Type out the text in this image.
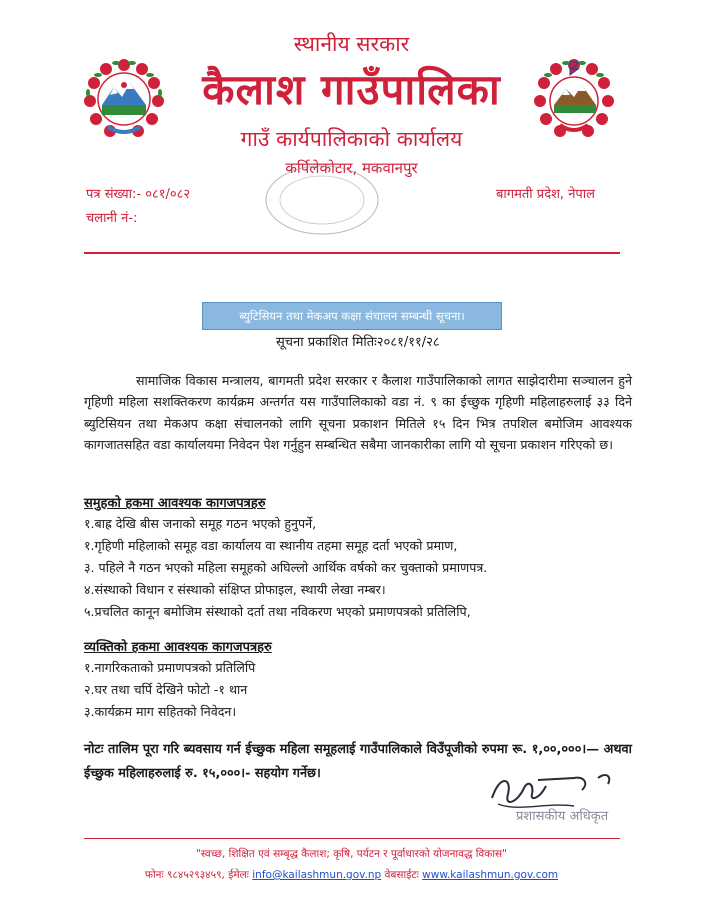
स्थानीय सरकार
कैलाश गाउँपालिका
गाउँ कार्यपालिकाको कार्यालय
कर्पिलेकोटार, मकवानपुर
पत्र संख्या:- ०८१/०८२
चलानी नं-:
बागमती प्रदेश, नेपाल
ब्युटिसियन तथा मेकअप कक्षा संचालन सम्बन्धी सूचना।
सूचना प्रकाशित मितिः२०८१/११/२८
सामाजिक विकास मन्त्रालय, बागमती प्रदेश सरकार र कैलाश गाउँपालिकाको लागत साझेदारीमा सञ्चालन हुने गृहिणी महिला सशक्तिकरण कार्यक्रम अन्तर्गत यस गाउँपालिकाको वडा नं. ९ का ईच्छुक गृहिणी महिलाहरुलाई ३३ दिने ब्युटिसियन तथा मेकअप कक्षा संचालनको लागि सूचना प्रकाशन मितिले १५ दिन भित्र तपशिल बमोजिम आवश्यक कागजातसहित वडा कार्यालयमा निवेदन पेश गर्नुहुन सम्बन्धित सबैमा जानकारीका लागि यो सूचना प्रकाशन गरिएको छ।
समुहको हकमा आवश्यक कागजपत्रहरु
१.बाह्र देखि बीस जनाको समूह गठन भएको हुनुपर्ने,
१.गृहिणी महिलाको समूह वडा कार्यालय वा स्थानीय तहमा समूह दर्ता भएको प्रमाण,
३. पहिले नै गठन भएको महिला समूहको अघिल्लो आर्थिक वर्षको कर चुक्ताको प्रमाणपत्र.
४.संस्थाको विधान र संस्थाको संक्षिप्त प्रोफाइल, स्थायी लेखा नम्बर।
५.प्रचलित कानून बमोजिम संस्थाको दर्ता तथा नविकरण भएको प्रमाणपत्रको प्रतिलिपि,
व्यक्तिको हकमा आवश्यक कागजपत्रहरु
१.नागरिकताको प्रमाणपत्रको प्रतिलिपि
२.घर तथा चर्पि देखिने फोटो -१ थान
३.कार्यक्रम माग सहितको निवेदन।
नोटः तालिम पूरा गरि ब्यवसाय गर्न ईच्छुक महिला समूहलाई गाउँपालिकाले विउँपूजीको रुपमा रू. १,००,०००।— अथवा ईच्छुक महिलाहरुलाई रु. १५,०००।- सहयोग गर्नेछ।
प्रशासकीय अधिकृत
"स्वच्छ, शिक्षित एवं सम्बृद्ध कैलाश; कृषि, पर्यटन र पूर्वाधारको योजनावद्ध विकास"
फोनः ९८४५२९३४५९, ईमेलः info@kailashmun.gov.np वेबसाईटः www.kailashmun.gov.com
